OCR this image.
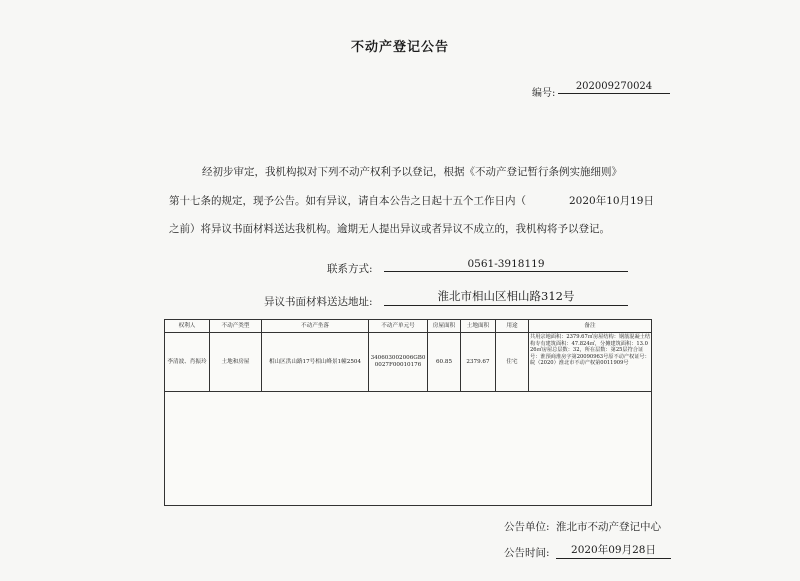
不动产登记公告
编号:
202009270024
经初步审定，我机构拟对下列不动产权利予以登记，根据《不动产登记暂行条例实施细则》
第十七条的规定，现予公告。如有异议，请自本公告之日起十五个工作日内（	2020年10月19日
之前）将异议书面材料送达我机构。逾期无人提出异议或者异议不成立的，我机构将予以登记。
联系方式:	0561-3918119
异议书面材料送达地址:	淮北市相山区相山路312号
权利人	不动产类型	不动产坐落	不动产单元号	房屋面积	土地面积	用途	备注
李清波、肖振玲	土地和房屋	相山区洪山路17号相山峰景1幢2504	340603002006GB00027F00010176	60.85	2379.67	住宅	共用宗地面积：2379.67㎡房屋结构：钢筋混凝土结构专有建筑面积：47.824㎡，分摊建筑面积：13.026㎡房屋总层数：32，所在层数：第25层符合证号：淮预商淮房字第20090963号原不动产权证号：皖（2020）淮北市不动产权第0011909号

公告单位: 淮北市不动产登记中心
公告时间:	2020年09月28日
